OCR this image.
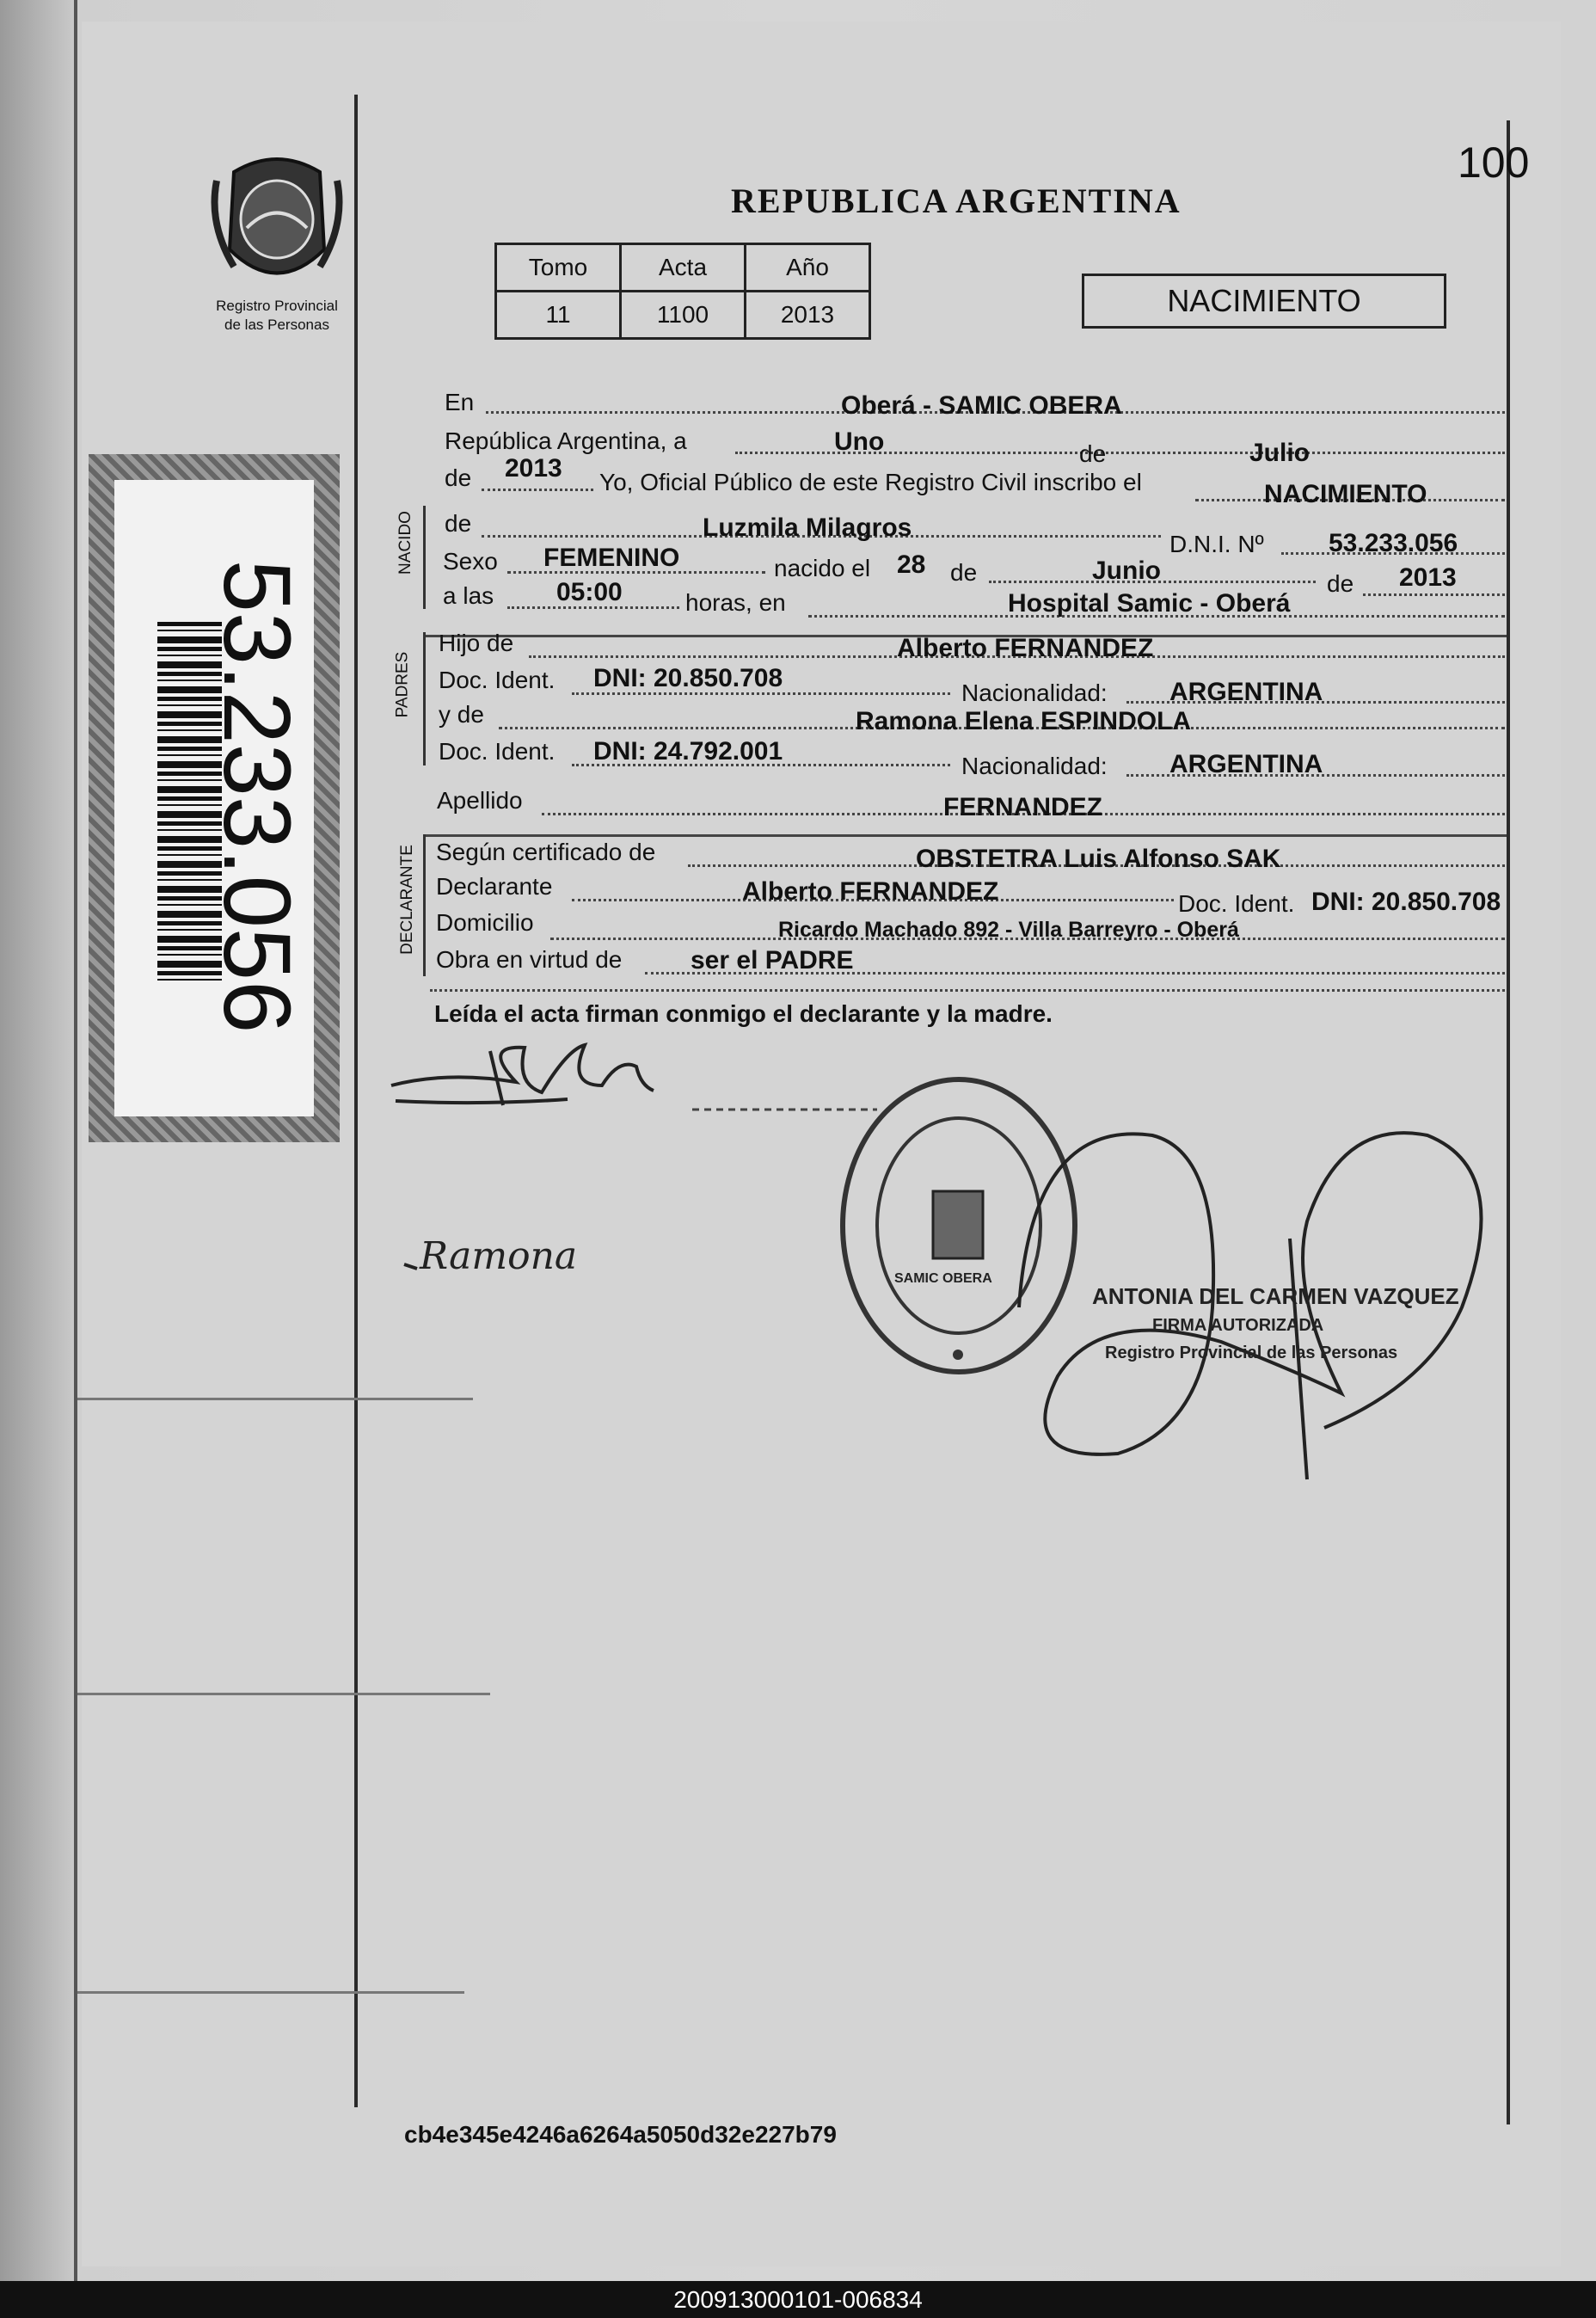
100
REPUBLICA ARGENTINA
Registro Provincial
de las Personas
Tomo	Acta	Año
11	1100	2013	NACIMIENTO
53.233.056
En	Oberá - SAMIC OBERA
República Argentina, a	Uno	de	Julio
de 2013 Yo, Oficial Público de este Registro Civil inscribo el	NACIMIENTO
NACIDO de	Luzmila Milagros
D.N.I. Nº	53.233.056
Sexo FEMENINO	nacido el 28 de	Junio	de 2013
a las 05:00	horas, en	Hospital Samic - Oberá
PADRES
Hijo de	Alberto FERNANDEZ
Doc. Ident. DNI: 20.850.708
Nacionalidad: ARGENTINA
y de	Ramona Elena ESPINDOLA
Doc. Ident. DNI: 24.792.001
Nacionalidad: ARGENTINA
Apellido	FERNANDEZ
DECLARANTE Según certificado de	OBSTETRA Luis Alfonso SAK
Declarante	Alberto FERNANDEZ	Doc. Ident. DNI: 20.850.708
Domicilio	Ricardo Machado 892 - Villa Barreyro - Oberá
Obra en virtud de	ser el PADRE
Leída el acta firman conmigo el declarante y la madre.
Ramona
SAMIC OBERA
ANTONIA DEL CARMEN VAZQUEZ
FIRMA AUTORIZADA
Registro Provincial de las Personas
cb4e345e4246a6264a5050d32e227b79
200913000101-006834
